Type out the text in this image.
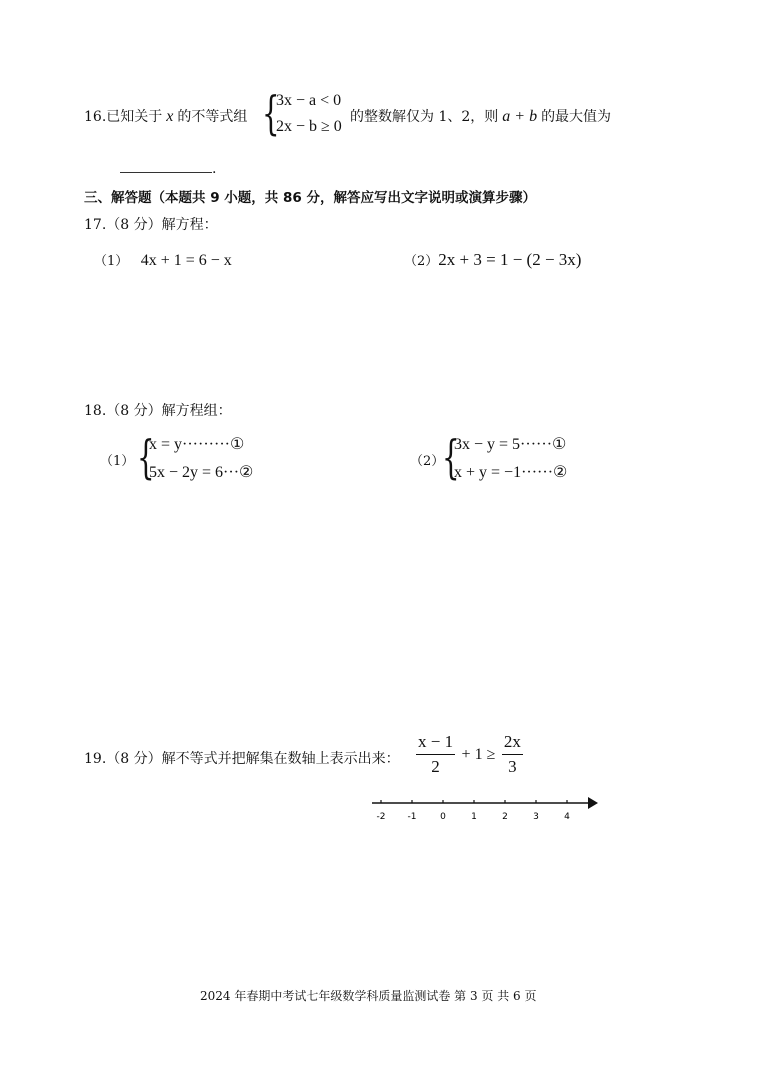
16.已知关于 x 的不等式组 {
3x − a < 0
2x − b ≥ 0
的整数解仅为 1、2，则 a + b 的最大值为
.
三、解答题（本题共 9 小题，共 86 分，解答应写出文字说明或演算步骤）
17.（8 分）解方程：
（1） 4x + 1 = 6 − x	（2）2x + 3 = 1 − (2 − 3x)
18.（8 分）解方程组：
（1） {
x = y·········①
5x − 2y = 6···②
（2）
{
3x − y = 5······①
x + y = −1······②
19.（8 分）解不等式并把解集在数轴上表示出来： $\frac{x - 1}{2} + 1 \ge \frac{2x}{3}$
-2 -1	0	1	2	3	4
2024 年春期中考试七年级数学科质量监测试卷 第 3 页 共 6 页
